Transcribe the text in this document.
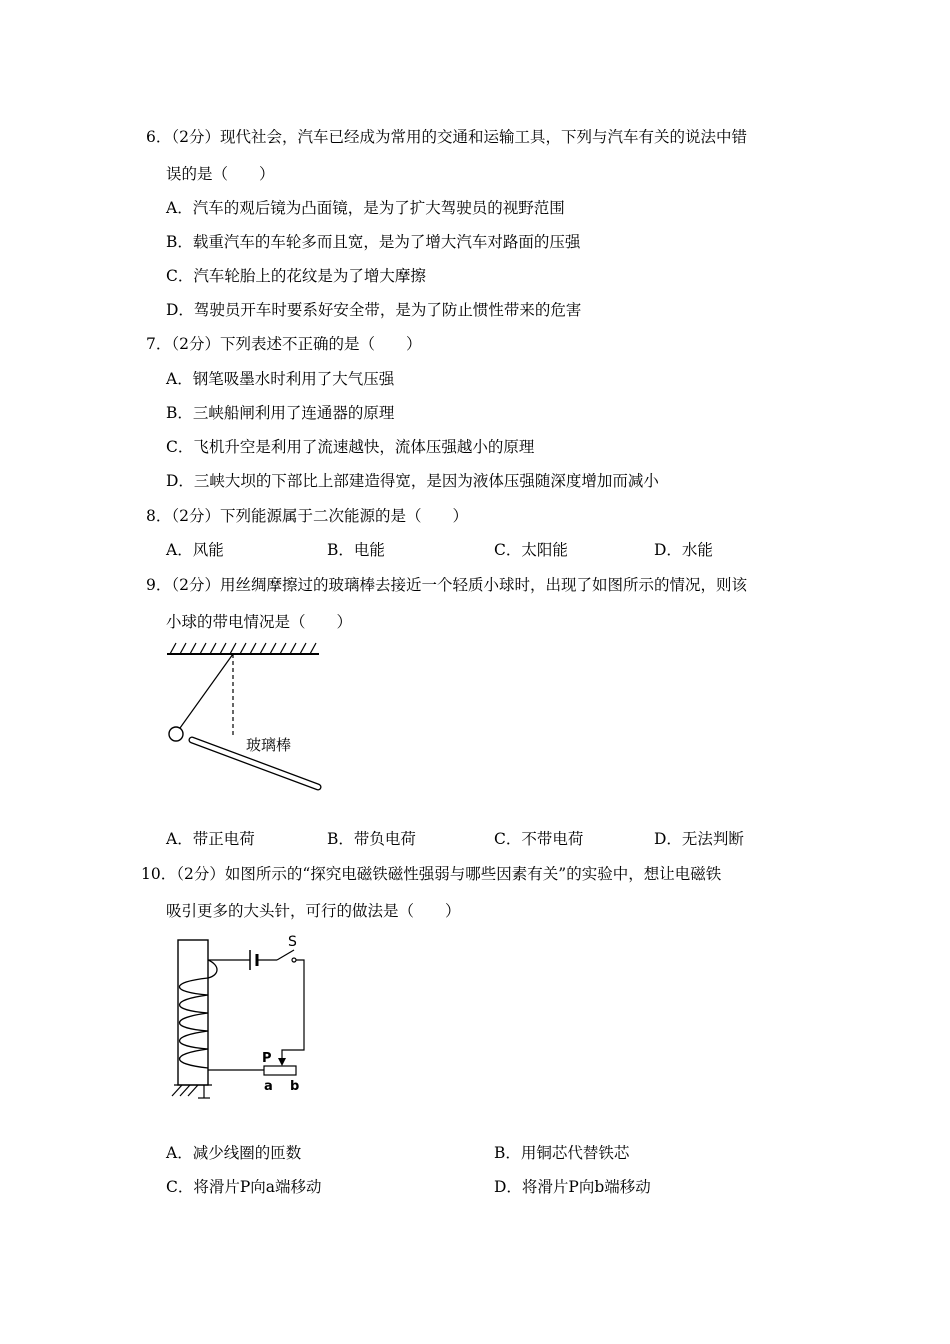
6．（2分）现代社会，汽车已经成为常用的交通和运输工具，下列与汽车有关的说法中错
误的是（　　）
A．汽车的观后镜为凸面镜，是为了扩大驾驶员的视野范围
B．载重汽车的车轮多而且宽，是为了增大汽车对路面的压强
C．汽车轮胎上的花纹是为了增大摩擦
D．驾驶员开车时要系好安全带，是为了防止惯性带来的危害
7．（2分）下列表述不正确的是（　　）
A．钢笔吸墨水时利用了大气压强
B．三峡船闸利用了连通器的原理
C．飞机升空是利用了流速越快，流体压强越小的原理
D．三峡大坝的下部比上部建造得宽，是因为液体压强随深度增加而减小
8．（2分）下列能源属于二次能源的是（　　）
A．风能	B．电能	C．太阳能	D．水能
9．（2分）用丝绸摩擦过的玻璃棒去接近一个轻质小球时，出现了如图所示的情况，则该
小球的带电情况是（　　）
玻璃棒
A．带正电荷	B．带负电荷	C．不带电荷	D．无法判断
10．（2分）如图所示的“探究电磁铁磁性强弱与哪些因素有关”的实验中，想让电磁铁
吸引更多的大头针，可行的做法是（　　）
S
P
a b
A．减少线圈的匝数	B．用铜芯代替铁芯
C．将滑片P向a端移动	D．将滑片P向b端移动
